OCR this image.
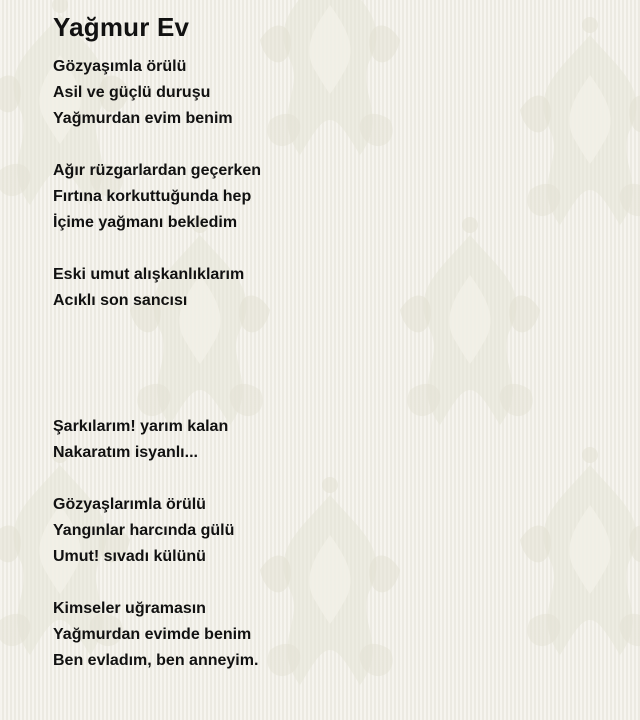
Yağmur Ev
Gözyaşımla örülü
Asil ve güçlü duruşu
Yağmurdan evim benim
Ağır rüzgarlardan geçerken
Fırtına korkuttuğunda hep
İçime yağmanı bekledim
Eski umut alışkanlıklarım
Acıklı son sancısı
Şarkılarım! yarım kalan
Nakaratım isyanlı...
Gözyaşlarımla örülü
Yangınlar harcında gülü
Umut! sıvadı külünü
Kimseler uğramasın
Yağmurdan evimde benim
Ben evladım, ben anneyim.
